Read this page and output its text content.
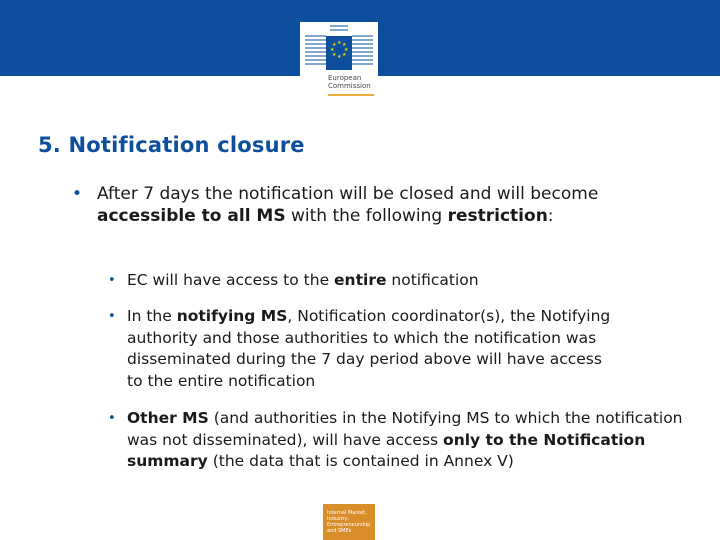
★ ★
★
★
★
★
★
★
European
Commission
5. Notification closure
• After 7 days the notification will be closed and will become accessible to all MS with the following restriction:
• EC will have access to the entire notification
• In the notifying MS, Notification coordinator(s), the Notifying authority and those authorities to which the notification was disseminated during the 7 day period above will have access to the entire notification
• Other MS (and authorities in the Notifying MS to which the notification was not disseminated), will have access only to the Notification summary (the data that is contained in Annex V)
Internal Market, Industry, Entrepreneurship and SMEs
